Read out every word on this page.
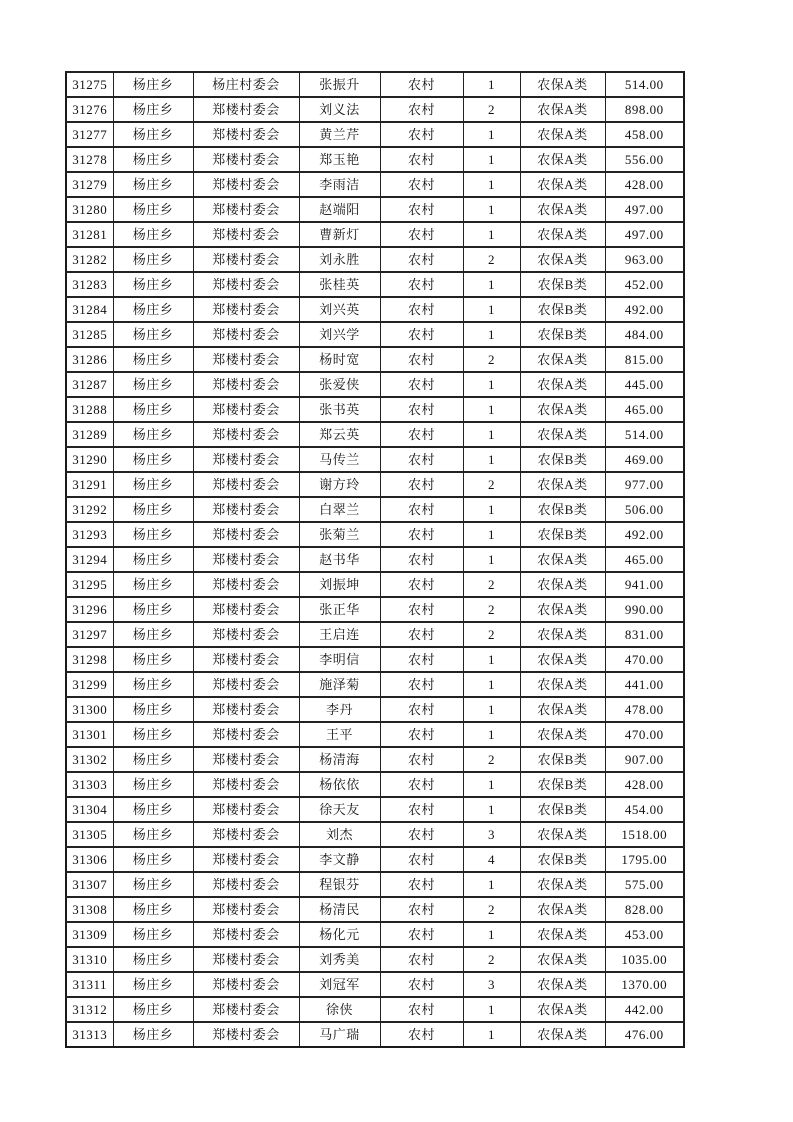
31275	杨庄乡	杨庄村委会	张振升	农村	1	农保A类	514.00
31276	杨庄乡	郑楼村委会	刘义法	农村	2	农保A类	898.00
31277	杨庄乡	郑楼村委会	黄兰芹	农村	1	农保A类	458.00
31278	杨庄乡	郑楼村委会	郑玉艳	农村	1	农保A类	556.00
31279	杨庄乡	郑楼村委会	李雨洁	农村	1	农保A类	428.00
31280	杨庄乡	郑楼村委会	赵端阳	农村	1	农保A类	497.00
31281	杨庄乡	郑楼村委会	曹新灯	农村	1	农保A类	497.00
31282	杨庄乡	郑楼村委会	刘永胜	农村	2	农保A类	963.00
31283	杨庄乡	郑楼村委会	张桂英	农村	1	农保B类	452.00
31284	杨庄乡	郑楼村委会	刘兴英	农村	1	农保B类	492.00
31285	杨庄乡	郑楼村委会	刘兴学	农村	1	农保B类	484.00
31286	杨庄乡	郑楼村委会	杨时宽	农村	2	农保A类	815.00
31287	杨庄乡	郑楼村委会	张爱侠	农村	1	农保A类	445.00
31288	杨庄乡	郑楼村委会	张书英	农村	1	农保A类	465.00
31289	杨庄乡	郑楼村委会	郑云英	农村	1	农保A类	514.00
31290	杨庄乡	郑楼村委会	马传兰	农村	1	农保B类	469.00
31291	杨庄乡	郑楼村委会	谢方玲	农村	2	农保A类	977.00
31292	杨庄乡	郑楼村委会	白翠兰	农村	1	农保B类	506.00
31293	杨庄乡	郑楼村委会	张菊兰	农村	1	农保B类	492.00
31294	杨庄乡	郑楼村委会	赵书华	农村	1	农保A类	465.00
31295	杨庄乡	郑楼村委会	刘振坤	农村	2	农保A类	941.00
31296	杨庄乡	郑楼村委会	张正华	农村	2	农保A类	990.00
31297	杨庄乡	郑楼村委会	王启连	农村	2	农保A类	831.00
31298	杨庄乡	郑楼村委会	李明信	农村	1	农保A类	470.00
31299	杨庄乡	郑楼村委会	施泽菊	农村	1	农保A类	441.00
31300	杨庄乡	郑楼村委会	李丹	农村	1	农保A类	478.00
31301	杨庄乡	郑楼村委会	王平	农村	1	农保A类	470.00
31302	杨庄乡	郑楼村委会	杨清海	农村	2	农保B类	907.00
31303	杨庄乡	郑楼村委会	杨依依	农村	1	农保B类	428.00
31304	杨庄乡	郑楼村委会	徐天友	农村	1	农保B类	454.00
31305	杨庄乡	郑楼村委会	刘杰	农村	3	农保A类	1518.00
31306	杨庄乡	郑楼村委会	李文静	农村	4	农保B类	1795.00
31307	杨庄乡	郑楼村委会	程银芬	农村	1	农保A类	575.00
31308	杨庄乡	郑楼村委会	杨清民	农村	2	农保A类	828.00
31309	杨庄乡	郑楼村委会	杨化元	农村	1	农保A类	453.00
31310	杨庄乡	郑楼村委会	刘秀美	农村	2	农保A类	1035.00
31311	杨庄乡	郑楼村委会	刘冠军	农村	3	农保A类	1370.00
31312	杨庄乡	郑楼村委会	徐侠	农村	1	农保A类	442.00
31313	杨庄乡	郑楼村委会	马广瑞	农村	1	农保A类	476.00
